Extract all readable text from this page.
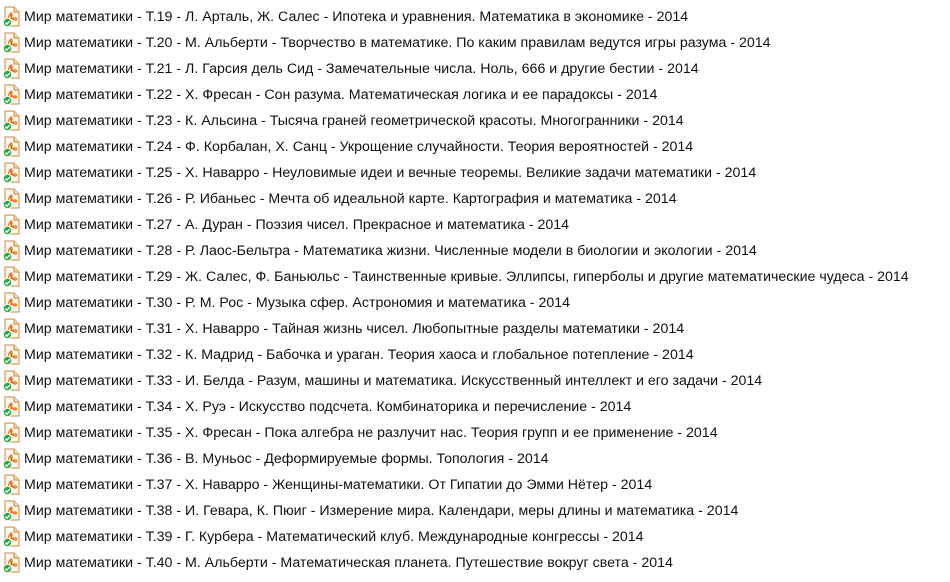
Мир математики - Т.19 - Л. Арталь, Ж. Салес - Ипотека и уравнения. Математика в экономике - 2014
Мир математики - Т.20 - М. Альберти - Творчество в математике. По каким правилам ведутся игры разума - 2014
Мир математики - Т.21 - Л. Гарсия дель Сид - Замечательные числа. Ноль, 666 и другие бестии - 2014
Мир математики - Т.22 - Х. Фресан - Сон разума. Математическая логика и ее парадоксы - 2014
Мир математики - Т.23 - К. Альсина - Тысяча граней геометрической красоты. Многогранники - 2014
Мир математики - Т.24 - Ф. Корбалан, Х. Санц - Укрощение случайности. Теория вероятностей - 2014
Мир математики - Т.25 - Х. Наварро - Неуловимые идеи и вечные теоремы. Великие задачи математики - 2014
Мир математики - Т.26 - Р. Ибаньес - Мечта об идеальной карте. Картография и математика - 2014
Мир математики - Т.27 - А. Дуран - Поэзия чисел. Прекрасное и математика - 2014
Мир математики - Т.28 - Р. Лаос-Бельтра - Математика жизни. Численные модели в биологии и экологии - 2014
Мир математики - Т.29 - Ж. Салес, Ф. Баньюльс - Таинственные кривые. Эллипсы, гиперболы и другие математические чудеса - 2014
Мир математики - Т.30 - Р. М. Рос - Музыка сфер. Астрономия и математика - 2014
Мир математики - Т.31 - Х. Наварро - Тайная жизнь чисел. Любопытные разделы математики - 2014
Мир математики - Т.32 - К. Мадрид - Бабочка и ураган. Теория хаоса и глобальное потепление - 2014
Мир математики - Т.33 - И. Белда - Разум, машины и математика. Искусственный интеллект и его задачи - 2014
Мир математики - Т.34 - Х. Руэ - Искусство подсчета. Комбинаторика и перечисление - 2014
Мир математики - Т.35 - Х. Фресан - Пока алгебра не разлучит нас. Теория групп и ее применение - 2014
Мир математики - Т.36 - В. Муньос - Деформируемые формы. Топология - 2014
Мир математики - Т.37 - Х. Наварро - Женщины-математики. От Гипатии до Эмми Нётер - 2014
Мир математики - Т.38 - И. Гевара, К. Пюиг - Измерение мира. Календари, меры длины и математика - 2014
Мир математики - Т.39 - Г. Курбера - Математический клуб. Международные конгрессы - 2014
Мир математики - Т.40 - М. Альберти - Математическая планета. Путешествие вокруг света - 2014
